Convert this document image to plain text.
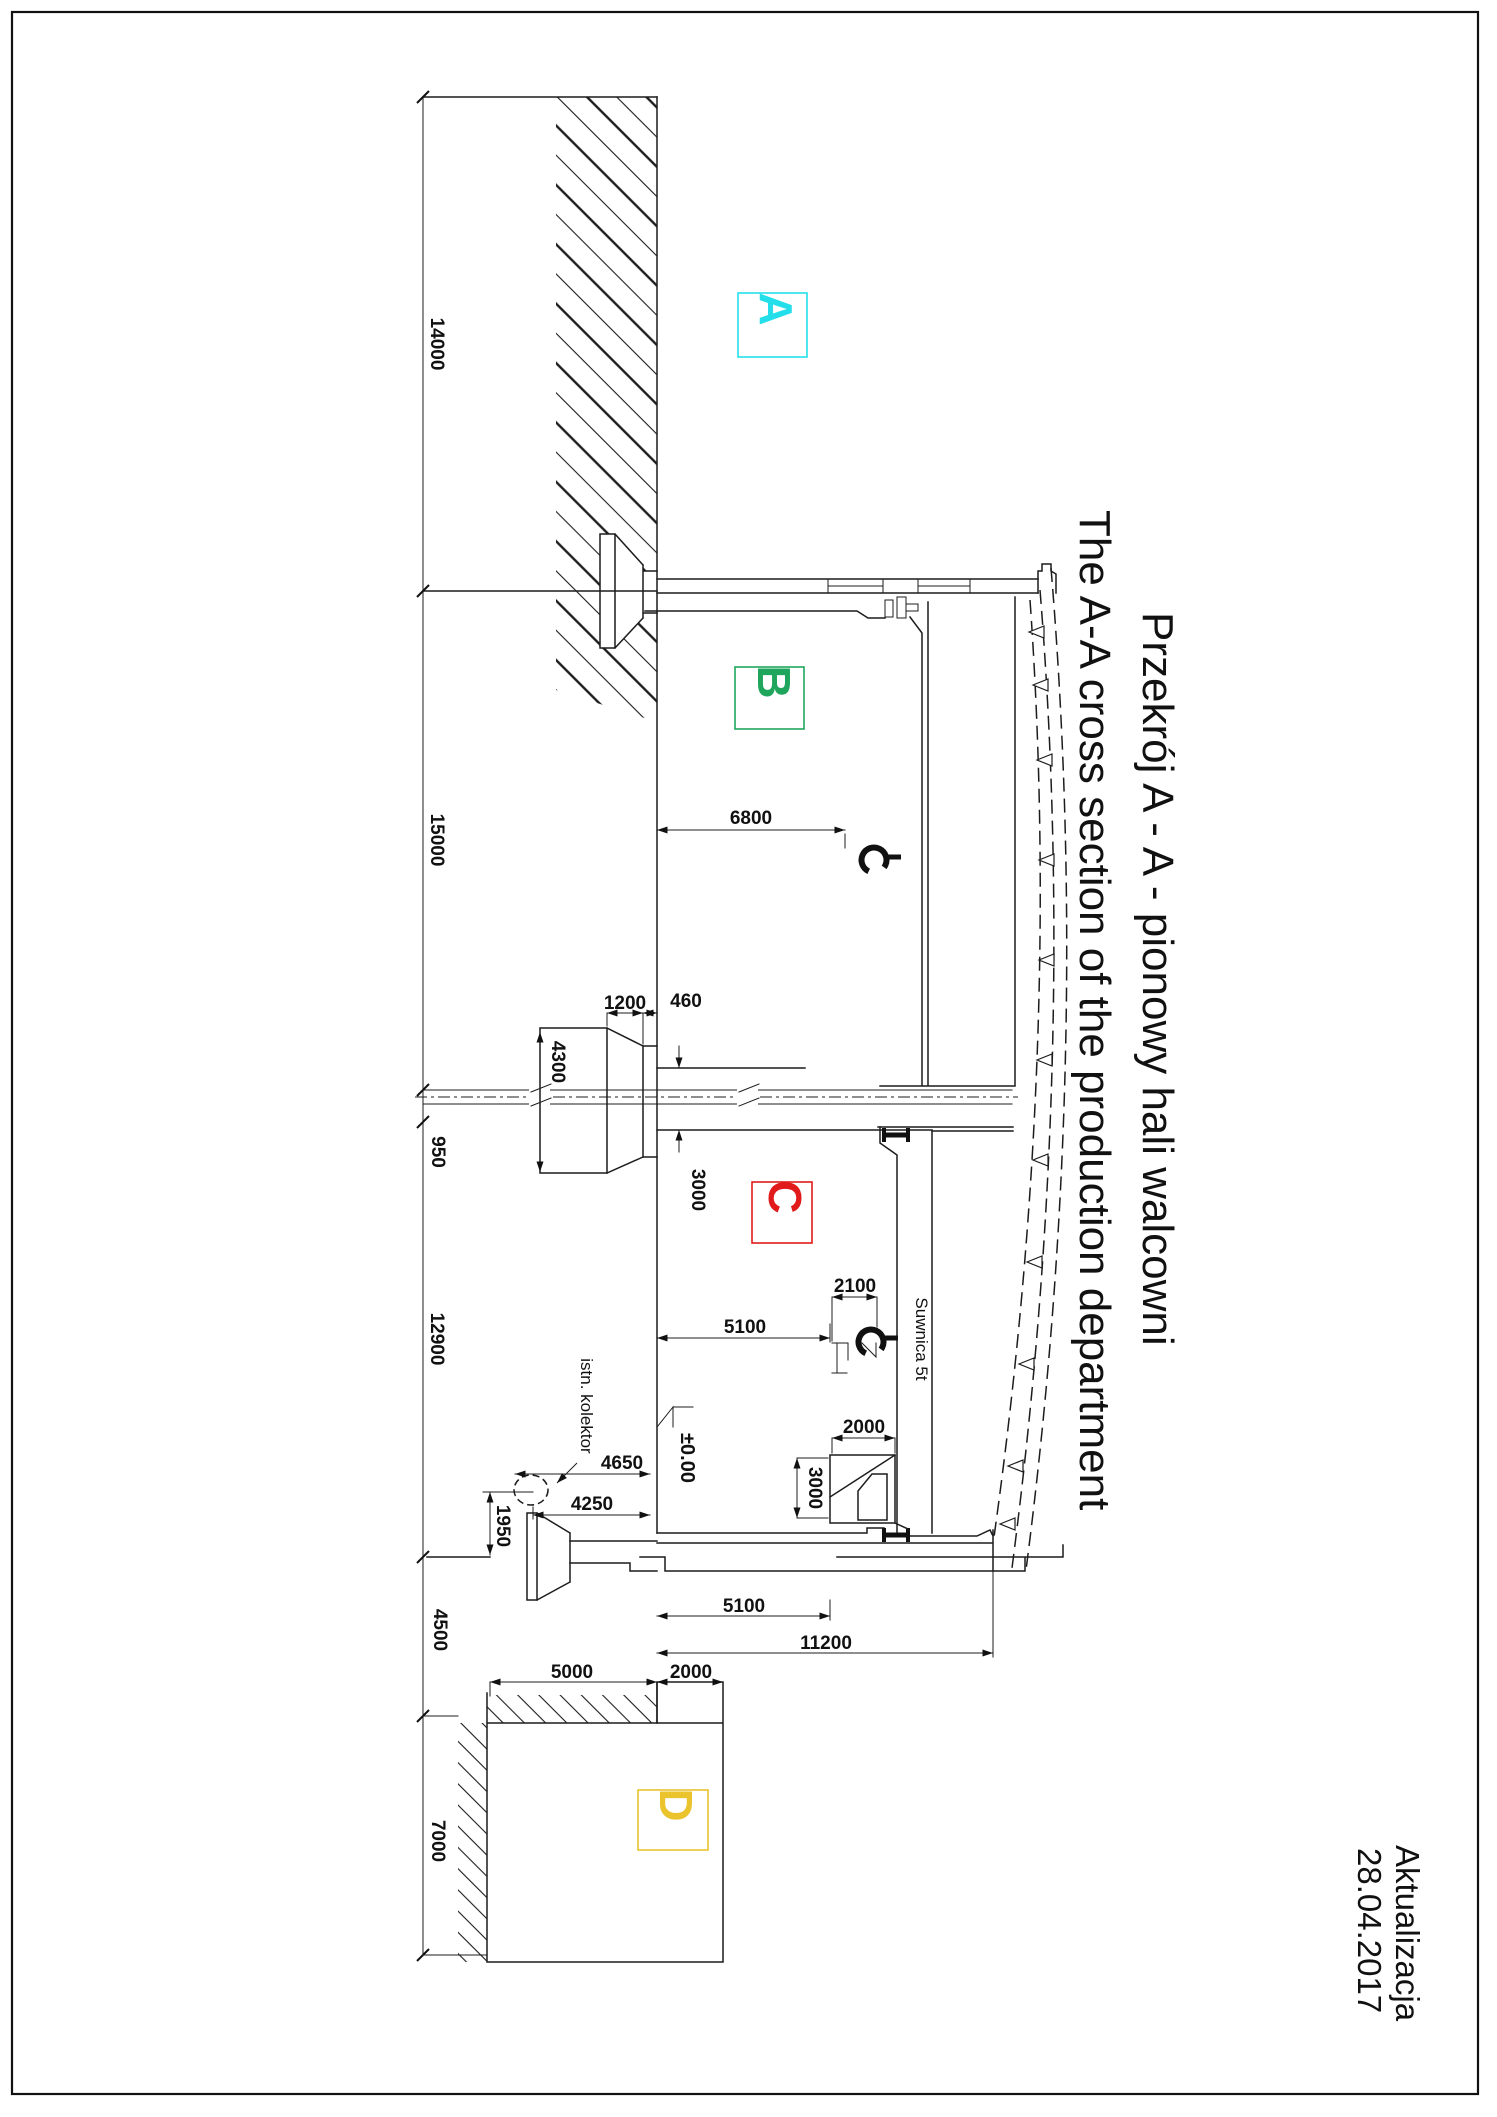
14000
15000
950
12900
4500
7000
6800
1200 460
4300
3000
2100
5100
2000
3000
4650
4250
1950
5100
11200
5000	2000
Suwnica 5t
istn. kolektor
±0.00
A
B
C
D
Przekrój A - A - pionowy hali walcowni
The A-A cross section of the production department
Aktualizacja
28.04.2017
